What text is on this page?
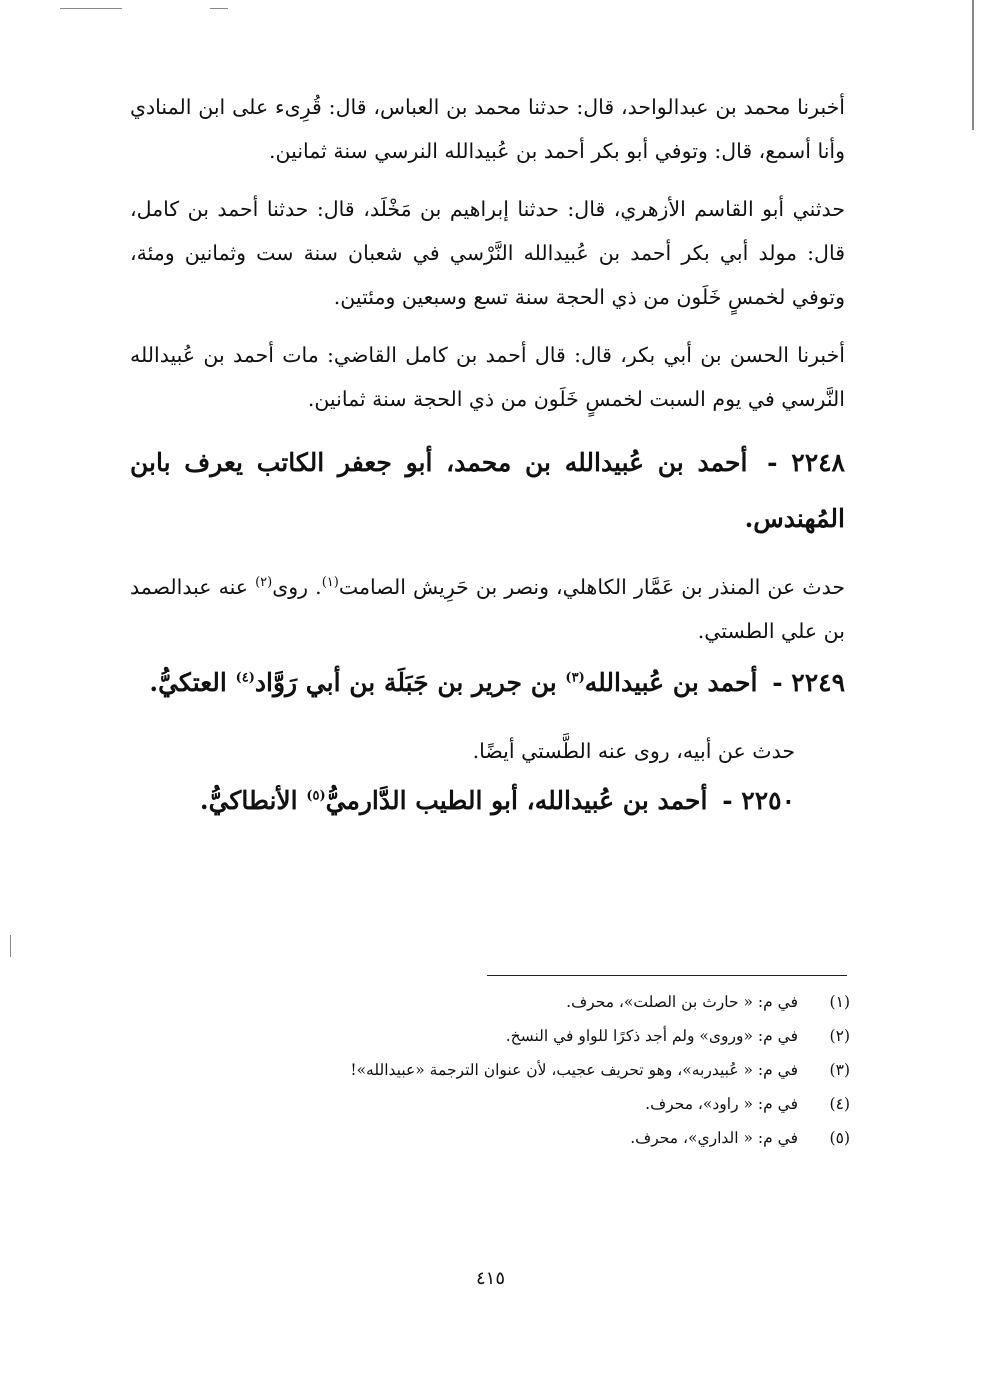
أخبرنا محمد بن عبدالواحد، قال: حدثنا محمد بن العباس، قال: قُرِىء على ابن المنادي وأنا أسمع، قال: وتوفي أبو بكر أحمد بن عُبيدالله النرسي سنة ثمانين.

حدثني أبو القاسم الأزهري، قال: حدثنا إبراهيم بن مَخْلَد، قال: حدثنا أحمد بن كامل، قال: مولد أبي بكر أحمد بن عُبيدالله النَّرْسي في شعبان سنة ست وثمانين ومئة، وتوفي لخمسٍ خَلَون من ذي الحجة سنة تسع وسبعين ومئتين.

أخبرنا الحسن بن أبي بكر، قال: قال أحمد بن كامل القاضي: مات أحمد بن عُبيدالله النَّرسي في يوم السبت لخمسٍ خَلَون من ذي الحجة سنة ثمانين.

٢٢٤٨ - أحمد بن عُبيدالله بن محمد، أبو جعفر الكاتب يعرف بابن المُهندس.

حدث عن المنذر بن عَمَّار الكاهلي، ونصر بن حَرِيش الصامت$^{(١)}$. روى$^{(٢)}$ عنه عبدالصمد بن علي الطستي.

٢٢٤٩ - أحمد بن عُبيدالله$^{(٣)}$ بن جرير بن جَبَلَة بن أبي رَوَّاد$^{(٤)}$ العتكيُّ.

حدث عن أبيه، روى عنه الطَّستي أيضًا.

٢٢٥٠ - أحمد بن عُبيدالله، أبو الطيب الدَّارميُّ$^{(٥)}$ الأنطاكيُّ.

(١)في م: « حارث بن الصلت»، محرف.
(٢)في م: «وروى» ولم أجد ذكرًا للواو في النسخ.
(٣)في م: « عُبيدربه»، وهو تحريف عجيب، لأن عنوان الترجمة «عبيدالله»!
(٤)في م: « راود»، محرف.
(٥)في م: « الداري»، محرف.
٤١٥
